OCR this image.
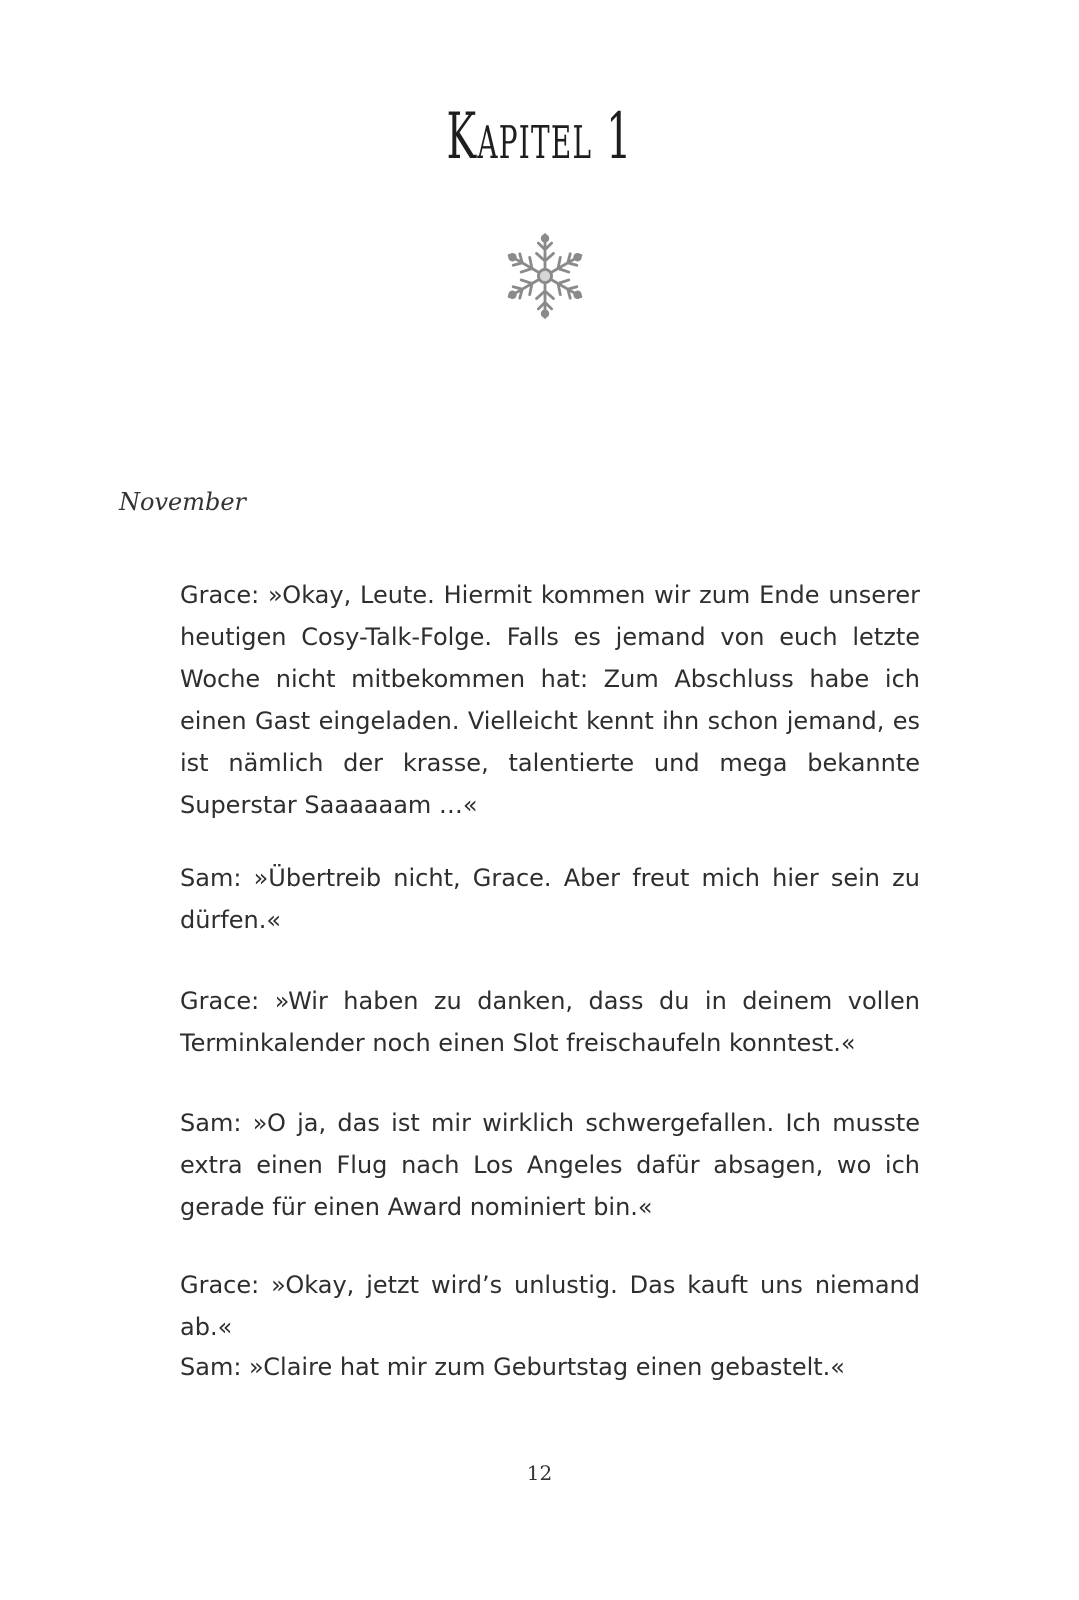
Kapitel 1

November

Grace: »Okay, Leute. Hiermit kommen wir zum Ende unserer heutigen Cosy-Talk-Folge. Falls es jemand von euch letzte Woche nicht mitbekommen hat: Zum Abschluss habe ich einen Gast eingeladen. Vielleicht kennt ihn schon jemand, es ist nämlich der krasse, talentierte und mega bekannte Superstar Saaaaaam …«

Sam: »Übertreib nicht, Grace. Aber freut mich hier sein zu dürfen.«

Grace: »Wir haben zu danken, dass du in deinem vollen Terminkalender noch einen Slot freischaufeln konntest.«

Sam: »O ja, das ist mir wirklich schwergefallen. Ich musste extra einen Flug nach Los Angeles dafür absagen, wo ich gerade für einen Award nominiert bin.«

Grace: »Okay, jetzt wird’s unlustig. Das kauft uns niemand ab.«

Sam: »Claire hat mir zum Geburtstag einen gebastelt.«

12
